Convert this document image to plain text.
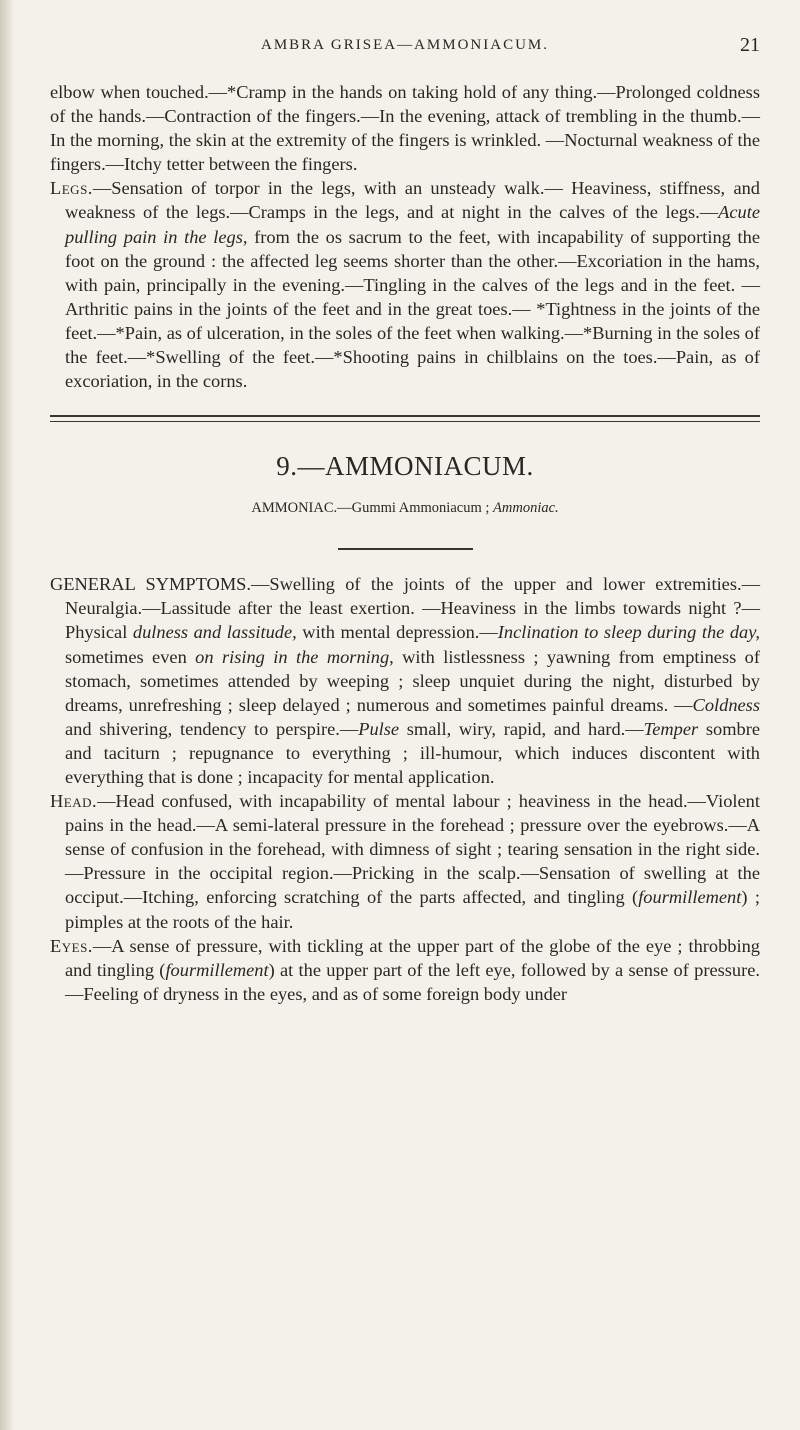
AMBRA GRISEA—AMMONIACUM.	21

elbow when touched.—*Cramp in the hands on taking hold of any thing.—Prolonged coldness of the hands.—Contraction of the fingers.—In the evening, attack of trembling in the thumb.—In the morning, the skin at the extremity of the fingers is wrinkled. —Nocturnal weakness of the fingers.—Itchy tetter between the fingers.

Legs.—Sensation of torpor in the legs, with an unsteady walk.— Heaviness, stiffness, and weakness of the legs.—Cramps in the legs, and at night in the calves of the legs.—Acute pulling pain in the legs, from the os sacrum to the feet, with incapability of supporting the foot on the ground : the affected leg seems shorter than the other.—Excoriation in the hams, with pain, principally in the evening.—Tingling in the calves of the legs and in the feet. —Arthritic pains in the joints of the feet and in the great toes.— *Tightness in the joints of the feet.—*Pain, as of ulceration, in the soles of the feet when walking.—*Burning in the soles of the feet.—*Swelling of the feet.—*Shooting pains in chilblains on the toes.—Pain, as of excoriation, in the corns.

9.—AMMONIACUM.
AMMONIAC.—Gummi Ammoniacum ; Ammoniac.

GENERAL SYMPTOMS.—Swelling of the joints of the upper and lower extremities.—Neuralgia.—Lassitude after the least exertion. —Heaviness in the limbs towards night ?—Physical dulness and lassitude, with mental depression.—Inclination to sleep during the day, sometimes even on rising in the morning, with listlessness ; yawning from emptiness of stomach, sometimes attended by weeping ; sleep unquiet during the night, disturbed by dreams, unrefreshing ; sleep delayed ; numerous and sometimes painful dreams. —Coldness and shivering, tendency to perspire.—Pulse small, wiry, rapid, and hard.—Temper sombre and taciturn ; repugnance to everything ; ill-humour, which induces discontent with everything that is done ; incapacity for mental application.

Head.—Head confused, with incapability of mental labour ; heaviness in the head.—Violent pains in the head.—A semi-lateral pressure in the forehead ; pressure over the eyebrows.—A sense of confusion in the forehead, with dimness of sight ; tearing sensation in the right side.—Pressure in the occipital region.—Pricking in the scalp.—Sensation of swelling at the occiput.—Itching, enforcing scratching of the parts affected, and tingling (fourmillement) ; pimples at the roots of the hair.

Eyes.—A sense of pressure, with tickling at the upper part of the globe of the eye ; throbbing and tingling (fourmillement) at the upper part of the left eye, followed by a sense of pressure.—Feeling of dryness in the eyes, and as of some foreign body under
